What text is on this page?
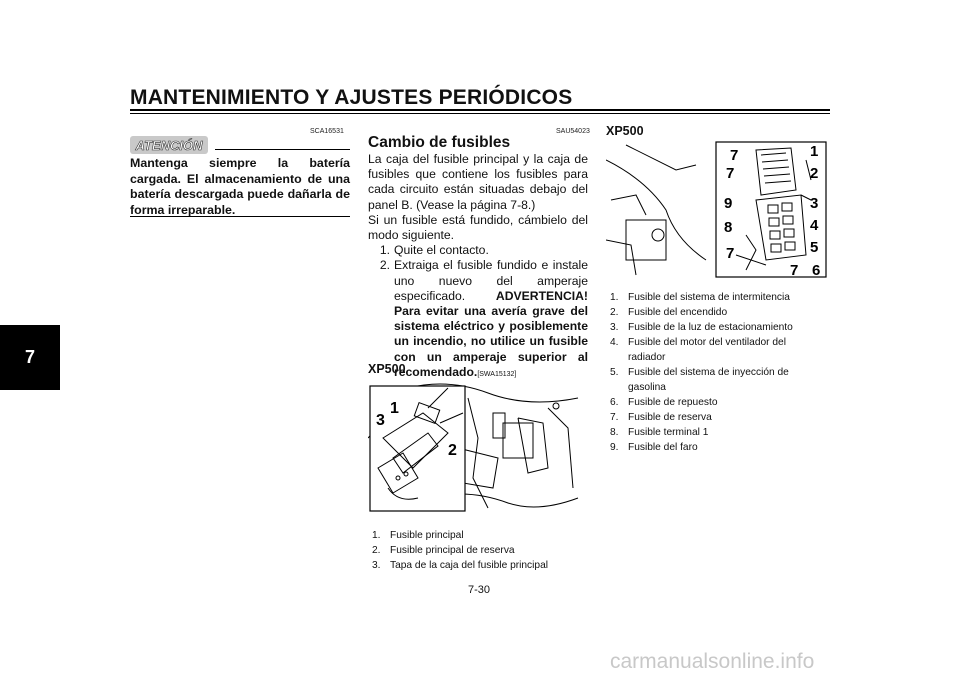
MANTENIMIENTO Y AJUSTES PERIÓDICOS
7
SCA16531
ATENCIÓN
Mantenga siempre la batería cargada. El almacenamiento de una batería descargada puede dañarla de forma irreparable.
SAU54023
Cambio de fusibles

La caja del fusible principal y la caja de fusibles que contiene los fusibles para cada circuito están situadas debajo del panel B. (Vease la página 7-8.)

Si un fusible está fundido, cámbielo del modo siguiente.

1. Quite el contacto.
2. Extraiga el fusible fundido e instale uno nuevo del amperaje especificado.	ADVERTENCIA! Para evitar una avería grave del sistema eléctrico y posiblemente un incendio, no utilice un fusible con un amperaje superior al recomendado.[SWA15132]
XP500
1
2
3
1. Fusible principal
2. Fusible principal de reserva
3. Tapa de la caja del fusible principal
XP500
7
7
9
8
7
1
2
3
4
5
7 6
1. Fusible del sistema de intermitencia
2. Fusible del encendido
3. Fusible de la luz de estacionamiento
4. Fusible del motor del ventilador del radiador
5. Fusible del sistema de inyección de gasolina
6. Fusible de repuesto
7. Fusible de reserva
8. Fusible terminal 1
9. Fusible del faro
7-30
carmanualsonline.info
